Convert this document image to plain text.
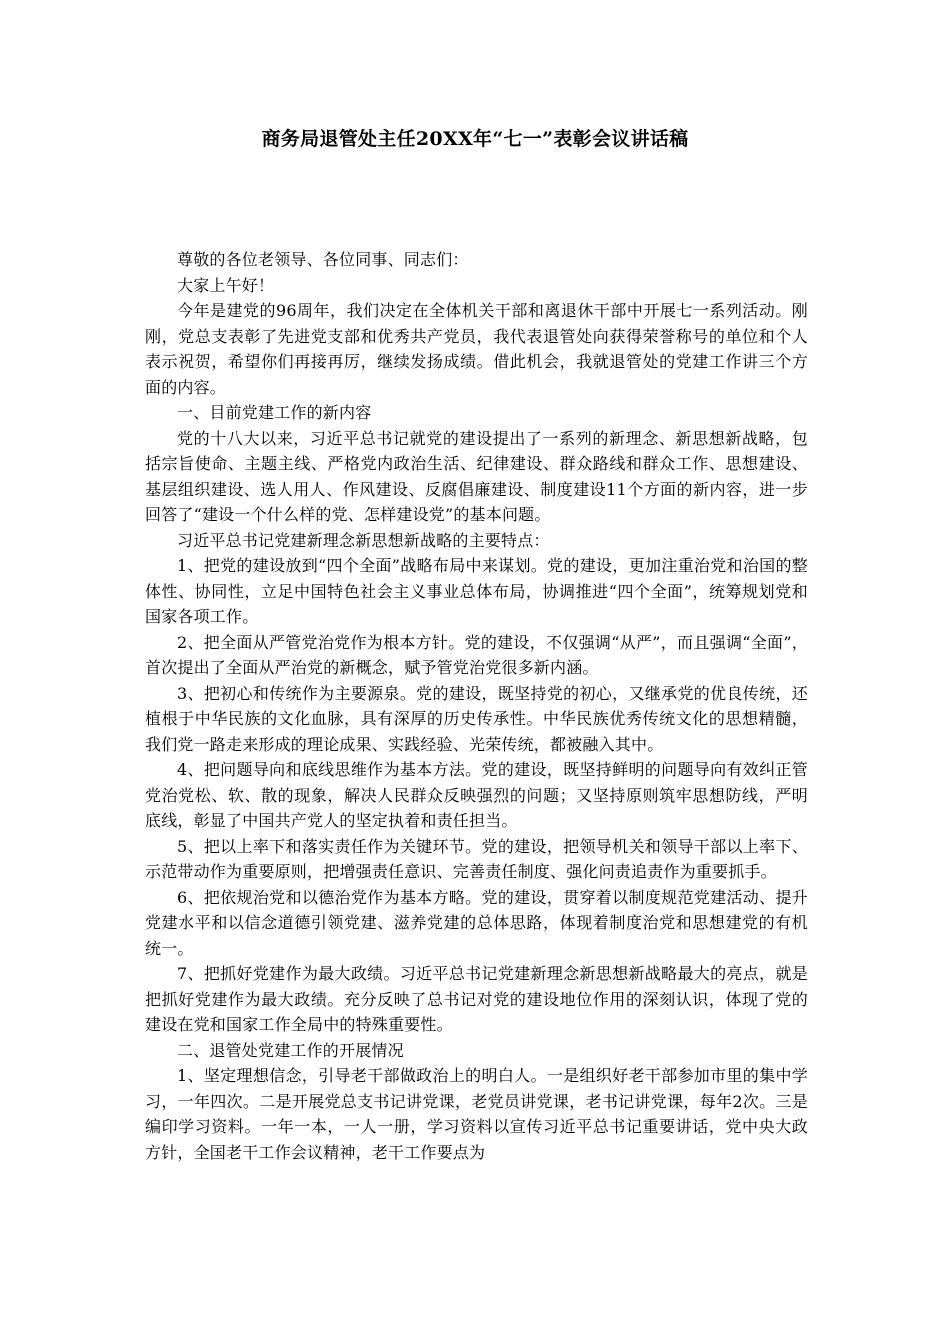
商务局退管处主任20XX年“七一”表彰会议讲话稿

尊敬的各位老领导、各位同事、同志们：

大家上午好！

今年是建党的96周年，我们决定在全体机关干部和离退休干部中开展七一系列活动。刚刚，党总支表彰了先进党支部和优秀共产党员，我代表退管处向获得荣誉称号的单位和个人表示祝贺，希望你们再接再厉，继续发扬成绩。借此机会，我就退管处的党建工作讲三个方面的内容。

一、目前党建工作的新内容

党的十八大以来，习近平总书记就党的建设提出了一系列的新理念、新思想新战略，包括宗旨使命、主题主线、严格党内政治生活、纪律建设、群众路线和群众工作、思想建设、基层组织建设、选人用人、作风建设、反腐倡廉建设、制度建设11个方面的新内容，进一步回答了“建设一个什么样的党、怎样建设党”的基本问题。

习近平总书记党建新理念新思想新战略的主要特点：

1、把党的建设放到“四个全面”战略布局中来谋划。党的建设，更加注重治党和治国的整体性、协同性，立足中国特色社会主义事业总体布局，协调推进“四个全面”，统筹规划党和国家各项工作。

2、把全面从严管党治党作为根本方针。党的建设，不仅强调“从严”，而且强调“全面”，首次提出了全面从严治党的新概念，赋予管党治党很多新内涵。

3、把初心和传统作为主要源泉。党的建设，既坚持党的初心，又继承党的优良传统，还植根于中华民族的文化血脉，具有深厚的历史传承性。中华民族优秀传统文化的思想精髓，我们党一路走来形成的理论成果、实践经验、光荣传统，都被融入其中。

4、把问题导向和底线思维作为基本方法。党的建设，既坚持鲜明的问题导向有效纠正管党治党松、软、散的现象，解决人民群众反映强烈的问题；又坚持原则筑牢思想防线，严明底线，彰显了中国共产党人的坚定执着和责任担当。

5、把以上率下和落实责任作为关键环节。党的建设，把领导机关和领导干部以上率下、示范带动作为重要原则，把增强责任意识、完善责任制度、强化问责追责作为重要抓手。

6、把依规治党和以德治党作为基本方略。党的建设，贯穿着以制度规范党建活动、提升党建水平和以信念道德引领党建、滋养党建的总体思路，体现着制度治党和思想建党的有机统一。

7、把抓好党建作为最大政绩。习近平总书记党建新理念新思想新战略最大的亮点，就是把抓好党建作为最大政绩。充分反映了总书记对党的建设地位作用的深刻认识，体现了党的建设在党和国家工作全局中的特殊重要性。

二、退管处党建工作的开展情况

1、坚定理想信念，引导老干部做政治上的明白人。一是组织好老干部参加市里的集中学习，一年四次。二是开展党总支书记讲党课，老党员讲党课，老书记讲党课，每年2次。三是编印学习资料。一年一本，一人一册，学习资料以宣传习近平总书记重要讲话，党中央大政方针，全国老干工作会议精神，老干工作要点为
